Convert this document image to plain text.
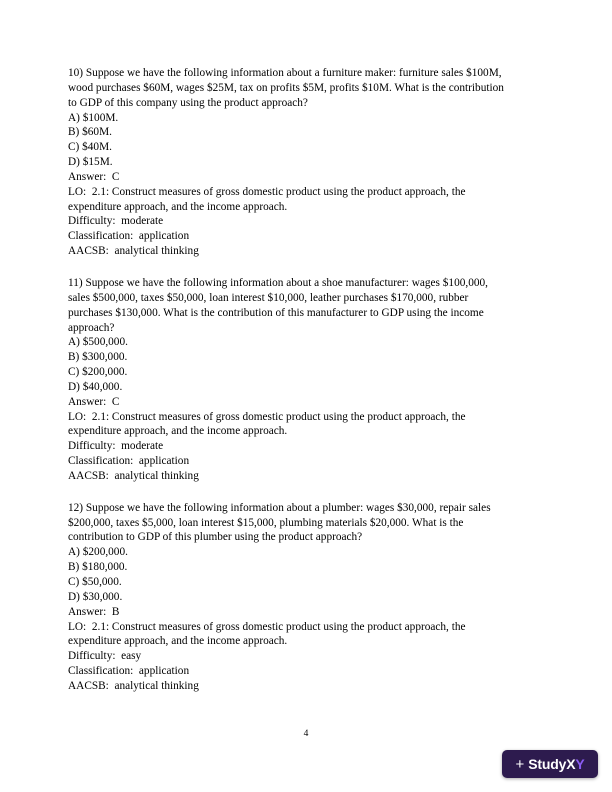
10) Suppose we have the following information about a furniture maker: furniture sales $100M,
wood purchases $60M, wages $25M, tax on profits $5M, profits $10M. What is the contribution
to GDP of this company using the product approach?
A) $100M.
B) $60M.
C) $40M.
D) $15M.
Answer:  C
LO:  2.1: Construct measures of gross domestic product using the product approach, the
expenditure approach, and the income approach.
Difficulty:  moderate
Classification:  application
AACSB:  analytical thinking
11) Suppose we have the following information about a shoe manufacturer: wages $100,000,
sales $500,000, taxes $50,000, loan interest $10,000, leather purchases $170,000, rubber
purchases $130,000. What is the contribution of this manufacturer to GDP using the income
approach?
A) $500,000.
B) $300,000.
C) $200,000.
D) $40,000.
Answer:  C
LO:  2.1: Construct measures of gross domestic product using the product approach, the
expenditure approach, and the income approach.
Difficulty:  moderate
Classification:  application
AACSB:  analytical thinking
12) Suppose we have the following information about a plumber: wages $30,000, repair sales
$200,000, taxes $5,000, loan interest $15,000, plumbing materials $20,000. What is the
contribution to GDP of this plumber using the product approach?
A) $200,000.
B) $180,000.
C) $50,000.
D) $30,000.
Answer:  B
LO:  2.1: Construct measures of gross domestic product using the product approach, the
expenditure approach, and the income approach.
Difficulty:  easy
Classification:  application
AACSB:  analytical thinking
4
+ StudyXY
